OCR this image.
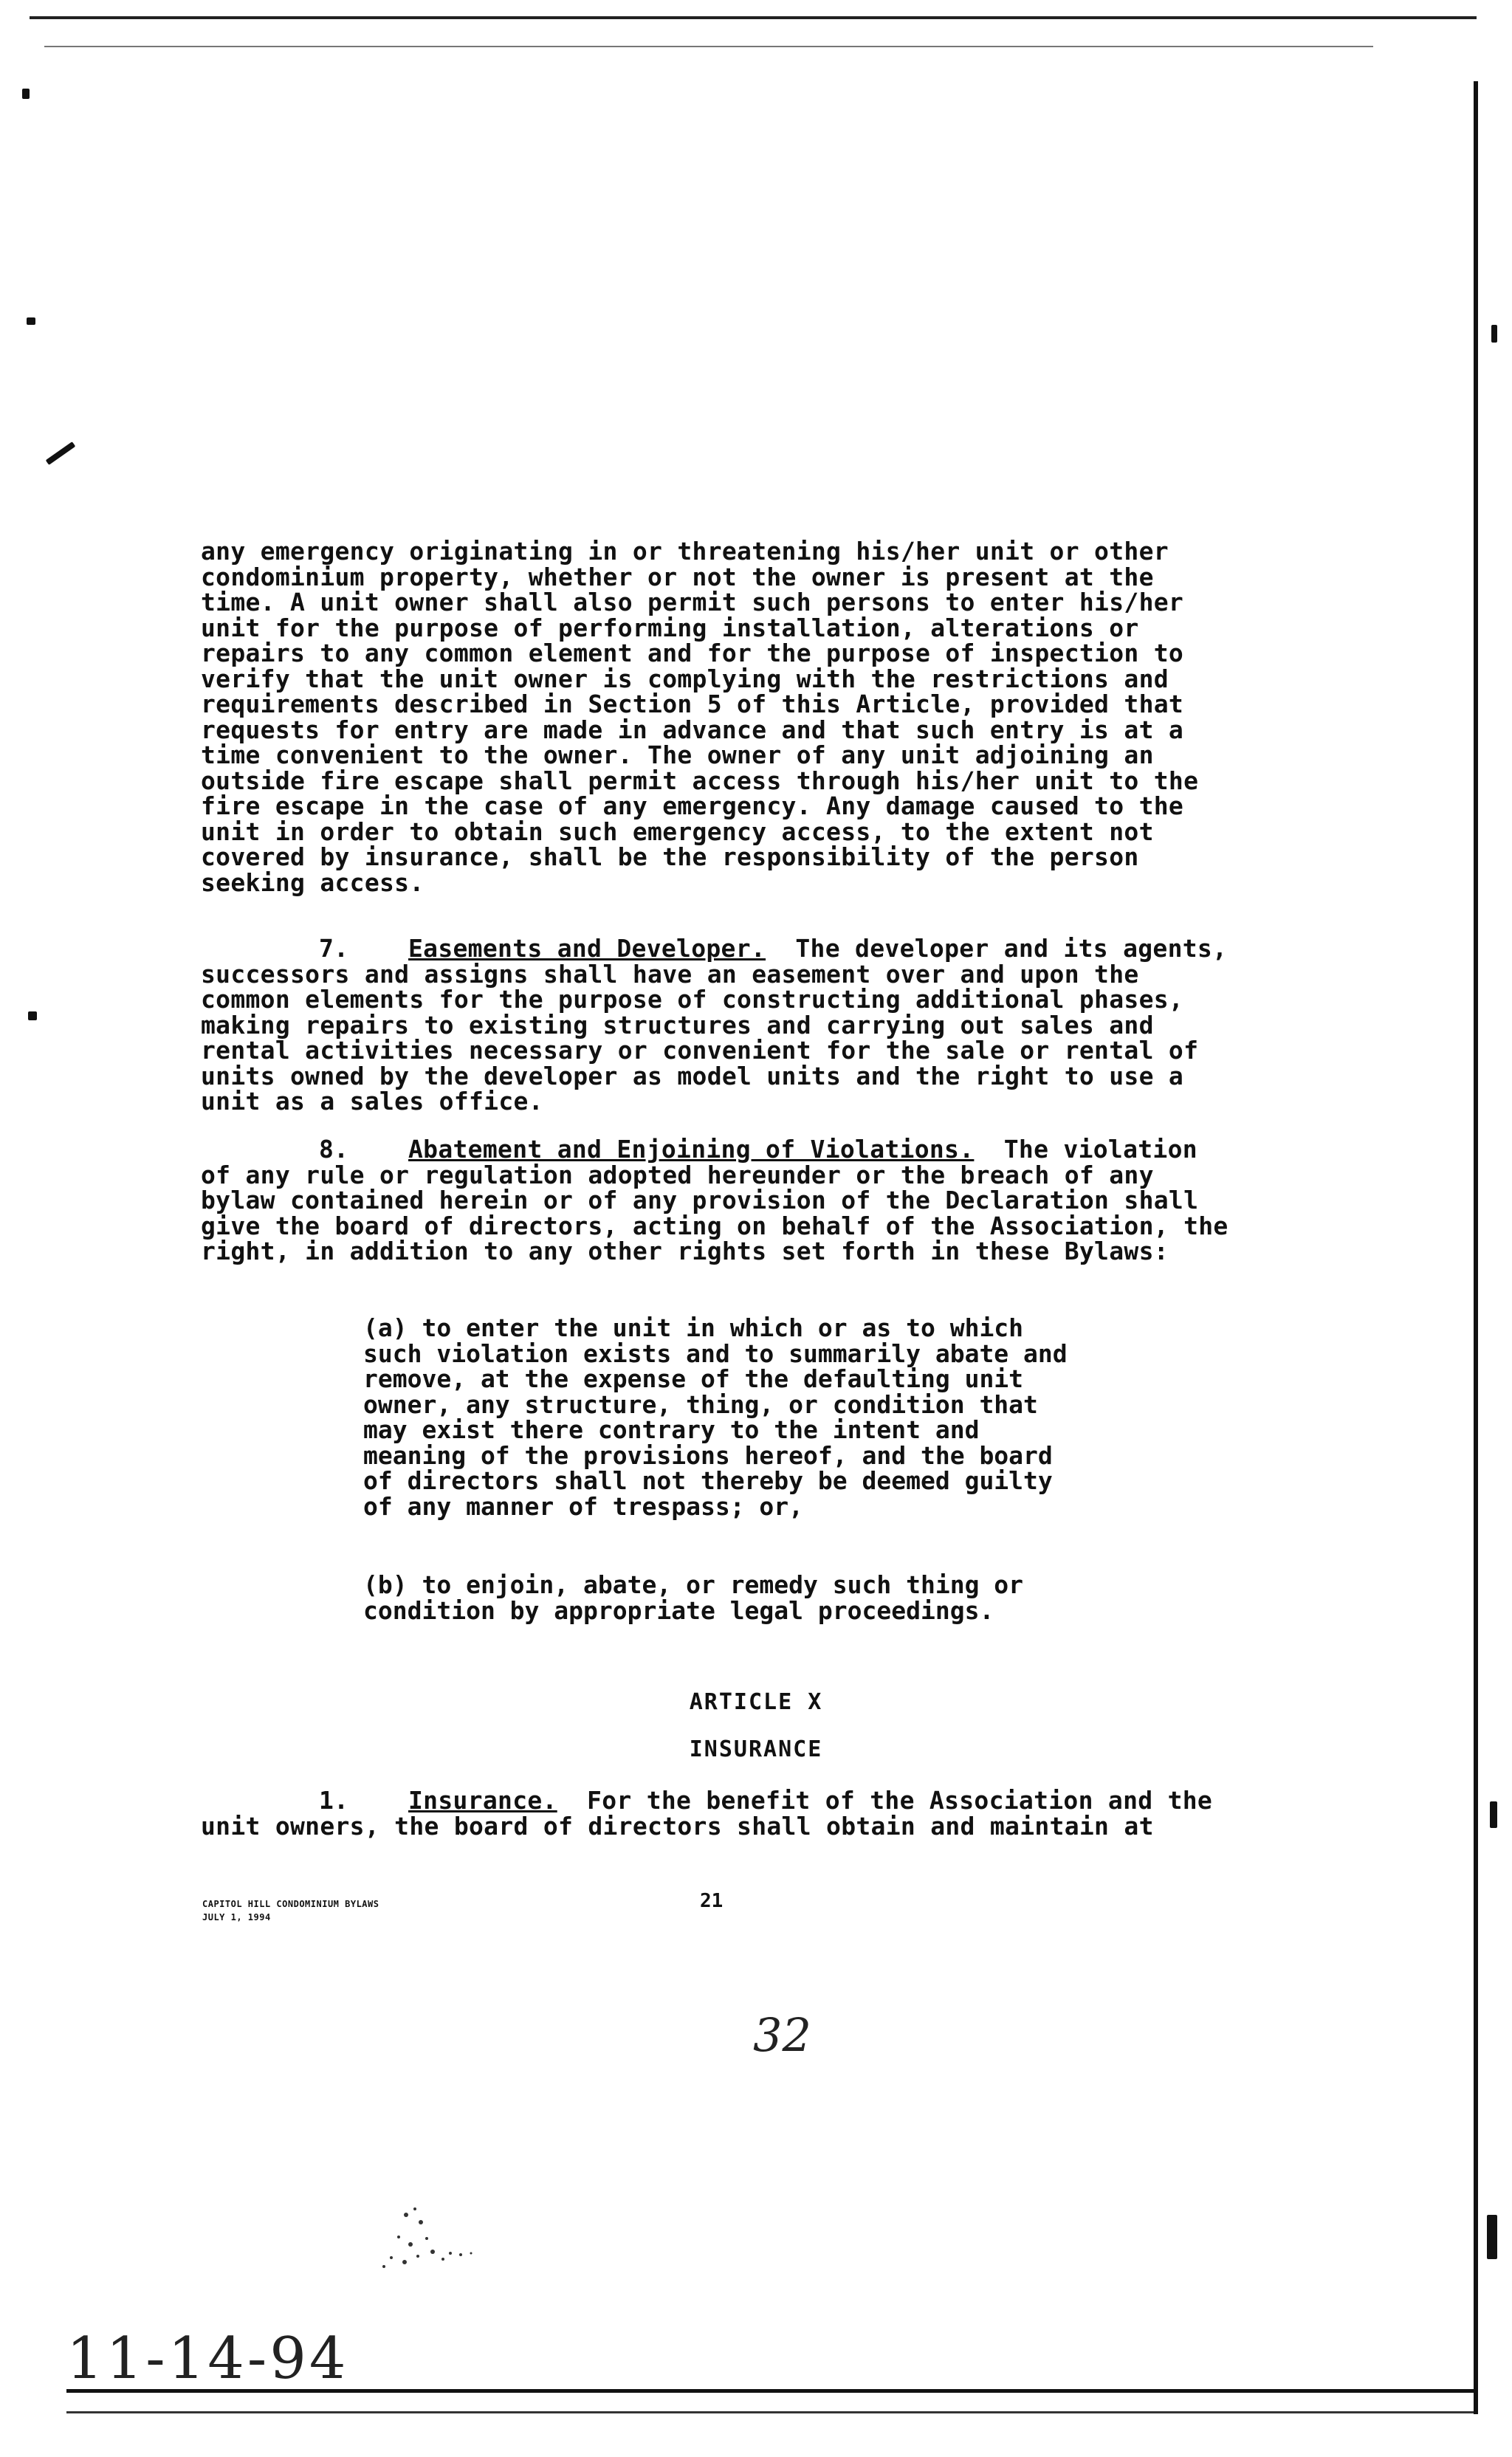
any emergency originating in or threatening his/her unit or other condominium property, whether or not the owner is present at the time. A unit owner shall also permit such persons to enter his/her unit for the purpose of performing installation, alterations or repairs to any common element and for the purpose of inspection to verify that the unit owner is complying with the restrictions and requirements described in Section 5 of this Article, provided that requests for entry are made in advance and that such entry is at a time convenient to the owner. The owner of any unit adjoining an outside fire escape shall permit access through his/her unit to the fire escape in the case of any emergency. Any damage caused to the unit in order to obtain such emergency access, to the extent not covered by insurance, shall be the responsibility of the person seeking access.

7. Easements and Developer. The developer and its agents, successors and assigns shall have an easement over and upon the common elements for the purpose of constructing additional phases, making repairs to existing structures and carrying out sales and rental activities necessary or convenient for the sale or rental of units owned by the developer as model units and the right to use a unit as a sales office.

8. Abatement and Enjoining of Violations. The violation of any rule or regulation adopted hereunder or the breach of any bylaw contained herein or of any provision of the Declaration shall give the board of directors, acting on behalf of the Association, the right, in addition to any other rights set forth in these Bylaws:

(a) to enter the unit in which or as to which such violation exists and to summarily abate and remove, at the expense of the defaulting unit owner, any structure, thing, or condition that may exist there contrary to the intent and meaning of the provisions hereof, and the board of directors shall not thereby be deemed guilty of any manner of trespass; or,

(b) to enjoin, abate, or remedy such thing or condition by appropriate legal proceedings.

ARTICLE X

INSURANCE

1. Insurance. For the benefit of the Association and the unit owners, the board of directors shall obtain and maintain at

CAPITOL HILL CONDOMINIUM BYLAWS
JULY 1, 1994
21
32
11-14-94
